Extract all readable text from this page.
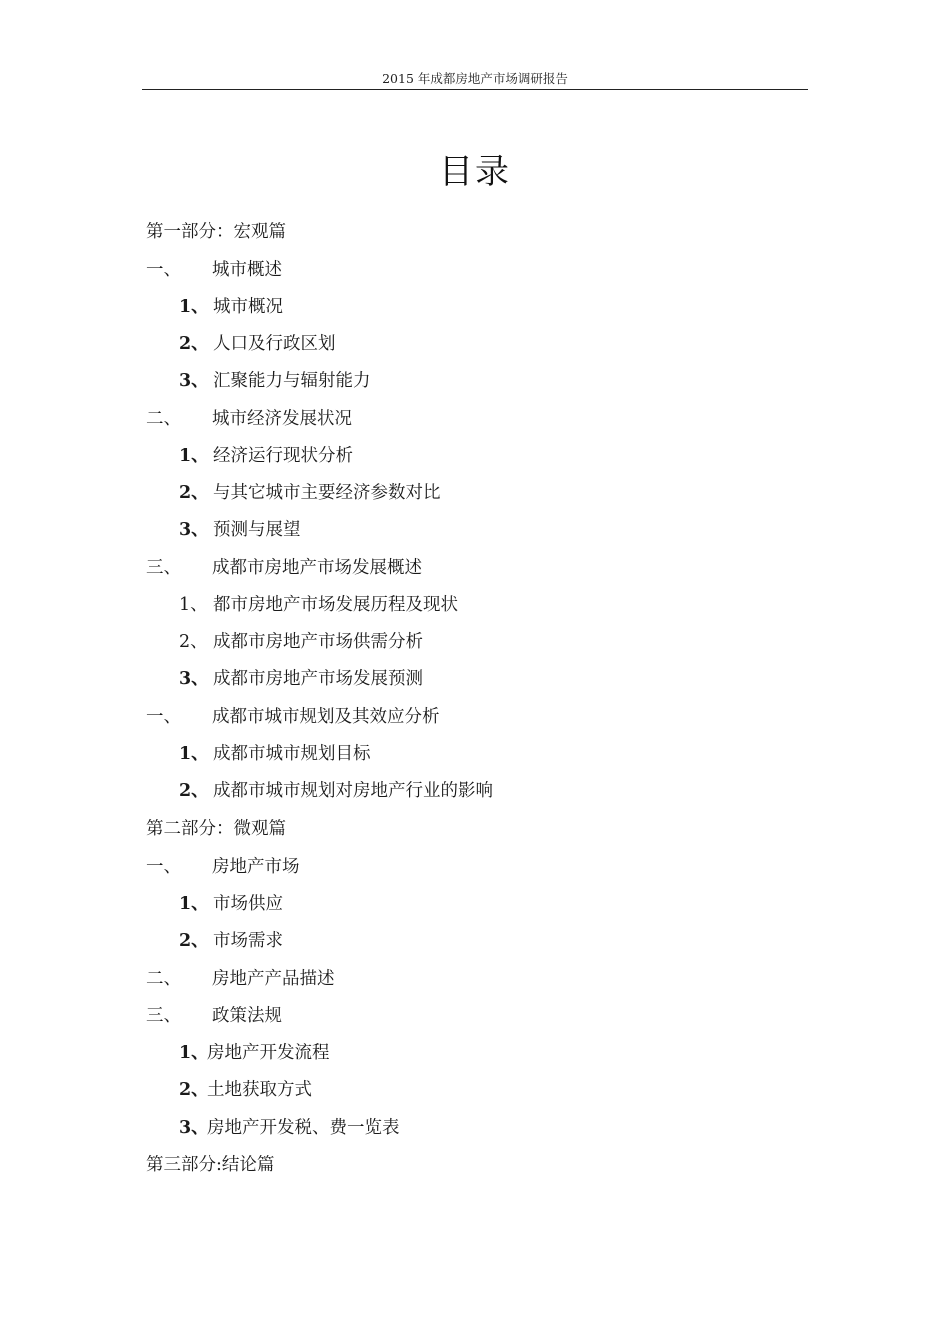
2015 年成都房地产市场调研报告
目录
第一部分：宏观篇
一、 城市概述
1、 城市概况
2、 人口及行政区划
3、 汇聚能力与辐射能力
二、 城市经济发展状况
1、 经济运行现状分析
2、 与其它城市主要经济参数对比
3、 预测与展望
三、 成都市房地产市场发展概述
1、 都市房地产市场发展历程及现状
2、 成都市房地产市场供需分析
3、 成都市房地产市场发展预测
一、 成都市城市规划及其效应分析
1、 成都市城市规划目标
2、 成都市城市规划对房地产行业的影响
第二部分：微观篇
一、 房地产市场
1、 市场供应
2、 市场需求
二、 房地产产品描述
三、 政策法规
1、
房地产开发流程
2、
土地获取方式
3、
房地产开发税、费一览表
第三部分:结论篇
